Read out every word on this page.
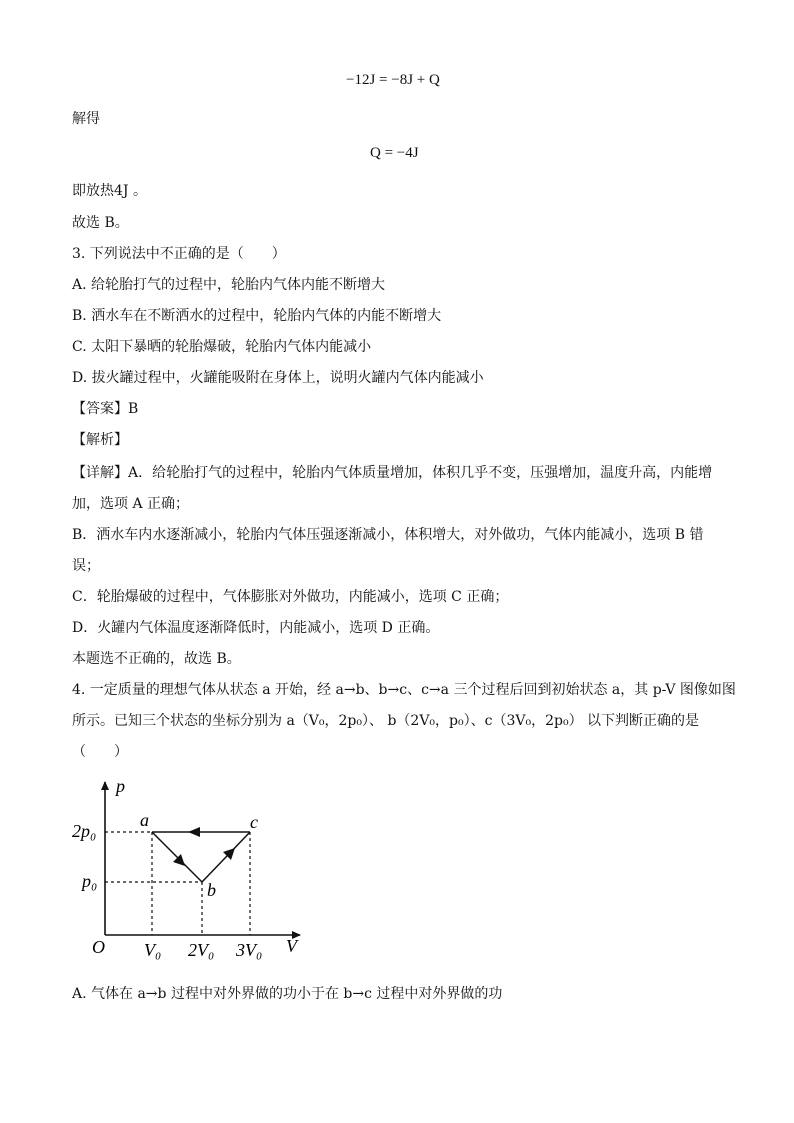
−12J = −8J + Q
解得
Q = −4J
即放热4J 。
故选 B。
3. 下列说法中不正确的是（　　）
A. 给轮胎打气的过程中，轮胎内气体内能不断增大
B. 洒水车在不断洒水的过程中，轮胎内气体的内能不断增大
C. 太阳下暴晒的轮胎爆破，轮胎内气体内能减小
D. 拔火罐过程中，火罐能吸附在身体上，说明火罐内气体内能减小
【答案】B
【解析】
【详解】A．给轮胎打气的过程中，轮胎内气体质量增加，体积几乎不变，压强增加，温度升高，内能增
加，选项 A 正确；
B．洒水车内水逐渐减小，轮胎内气体压强逐渐减小，体积增大，对外做功，气体内能减小，选项 B 错
误；
C．轮胎爆破的过程中，气体膨胀对外做功，内能减小，选项 C 正确；
D．火罐内气体温度逐渐降低时，内能减小，选项 D 正确。
本题选不正确的，故选 B。
4. 一定质量的理想气体从状态 a 开始，经 a→b、b→c、c→a 三个过程后回到初始状态 a，其 p-V 图像如图
所示。已知三个状态的坐标分别为 a（V₀，2p₀）、 b（2V₀，p₀）、c（3V₀，2p₀） 以下判断正确的是
（　　）
p
V
O
a
b
c
2p₀
p₀
V₀ 2V₀ 3V₀
A. 气体在 a→b 过程中对外界做的功小于在 b→c 过程中对外界做的功
